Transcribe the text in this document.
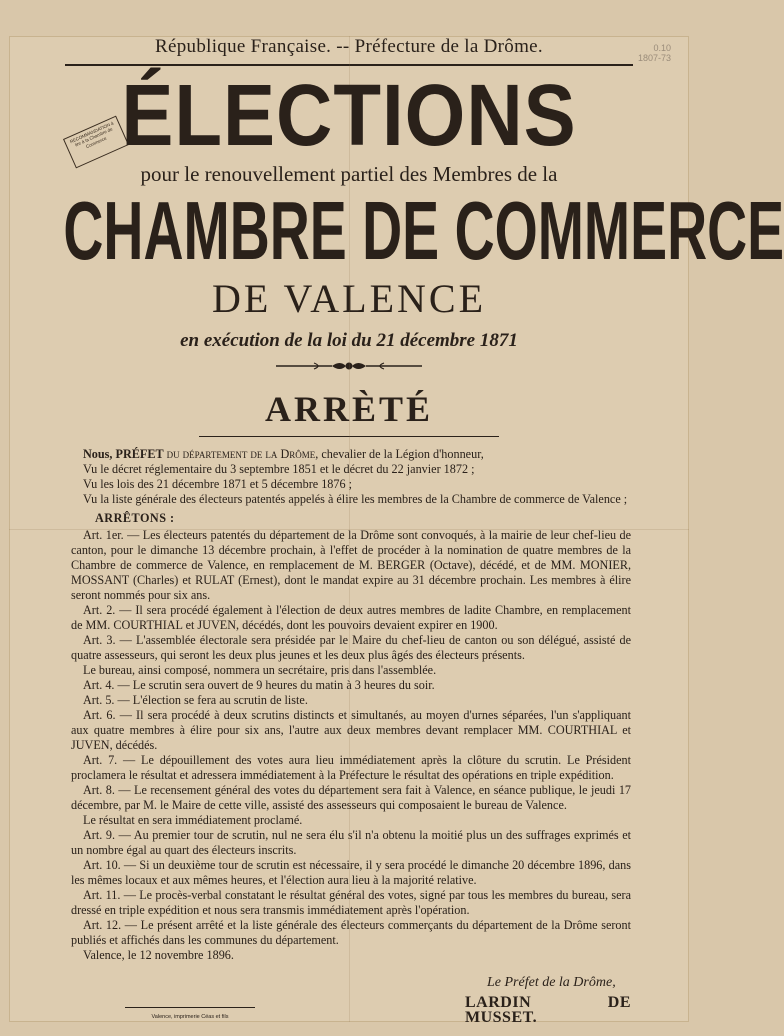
0.10
1807-73
République Française. -- Préfecture de la Drôme.
RECOMMANDATION à lire à la Chambre de Commerce ÉLECTIONS
pour le renouvellement partiel des Membres de la
CHAMBRE DE COMMERCE
DE VALENCE
en exécution de la loi du 21 décembre 1871
ARRÈTÉ

Nous, PRÉFET du département de la Drôme, chevalier de la Légion d'honneur,

Vu le décret réglementaire du 3 septembre 1851 et le décret du 22 janvier 1872 ;

Vu les lois des 21 décembre 1871 et 5 décembre 1876 ;

Vu la liste générale des électeurs patentés appelés à élire les membres de la Chambre de commerce de Valence ;

ARRÊTONS :

Art. 1er. — Les électeurs patentés du département de la Drôme sont convoqués, à la mairie de leur chef-lieu de canton, pour le dimanche 13 décembre prochain, à l'effet de procéder à la nomination de quatre membres de la Chambre de commerce de Valence, en remplacement de M. BERGER (Octave), décédé, et de MM. MONIER, MOSSANT (Charles) et RULAT (Ernest), dont le mandat expire au 31 décembre prochain. Les membres à élire seront nommés pour six ans.

Art. 2. — Il sera procédé également à l'élection de deux autres membres de ladite Chambre, en remplacement de MM. COURTHIAL et JUVEN, décédés, dont les pouvoirs devaient expirer en 1900.

Art. 3. — L'assemblée électorale sera présidée par le Maire du chef-lieu de canton ou son délégué, assisté de quatre assesseurs, qui seront les deux plus jeunes et les deux plus âgés des électeurs présents.

Le bureau, ainsi composé, nommera un secrétaire, pris dans l'assemblée.

Art. 4. — Le scrutin sera ouvert de 9 heures du matin à 3 heures du soir.

Art. 5. — L'élection se fera au scrutin de liste.

Art. 6. — Il sera procédé à deux scrutins distincts et simultanés, au moyen d'urnes séparées, l'un s'appliquant aux quatre membres à élire pour six ans, l'autre aux deux membres devant remplacer MM. COURTHIAL et JUVEN, décédés.

Art. 7. — Le dépouillement des votes aura lieu immédiatement après la clôture du scrutin. Le Président proclamera le résultat et adressera immédiatement à la Préfecture le résultat des opérations en triple expédition.

Art. 8. — Le recensement général des votes du département sera fait à Valence, en séance publique, le jeudi 17 décembre, par M. le Maire de cette ville, assisté des assesseurs qui composaient le bureau de Valence.

Le résultat en sera immédiatement proclamé.

Art. 9. — Au premier tour de scrutin, nul ne sera élu s'il n'a obtenu la moitié plus un des suffrages exprimés et un nombre égal au quart des électeurs inscrits.

Art. 10. — Si un deuxième tour de scrutin est nécessaire, il y sera procédé le dimanche 20 décembre 1896, dans les mêmes locaux et aux mêmes heures, et l'élection aura lieu à la majorité relative.

Art. 11. — Le procès-verbal constatant le résultat général des votes, signé par tous les membres du bureau, sera dressé en triple expédition et nous sera transmis immédiatement après l'opération.

Art. 12. — Le présent arrêté et la liste générale des électeurs commerçants du département de la Drôme seront publiés et affichés dans les communes du département.

Valence, le 12 novembre 1896.

Le Préfet de la Drôme,
LARDIN DE MUSSET.
Valence, imprimerie Céas et fils
